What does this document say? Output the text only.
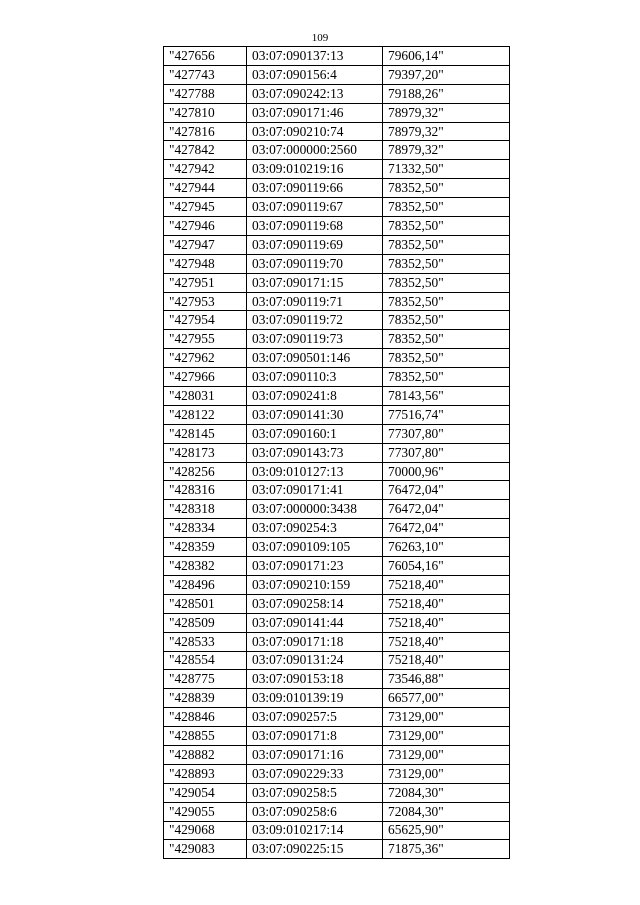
109
"427656	03:07:090137:13	79606,14"
"427743	03:07:090156:4	79397,20"
"427788	03:07:090242:13	79188,26"
"427810	03:07:090171:46	78979,32"
"427816	03:07:090210:74	78979,32"
"427842	03:07:000000:2560	78979,32"
"427942	03:09:010219:16	71332,50"
"427944	03:07:090119:66	78352,50"
"427945	03:07:090119:67	78352,50"
"427946	03:07:090119:68	78352,50"
"427947	03:07:090119:69	78352,50"
"427948	03:07:090119:70	78352,50"
"427951	03:07:090171:15	78352,50"
"427953	03:07:090119:71	78352,50"
"427954	03:07:090119:72	78352,50"
"427955	03:07:090119:73	78352,50"
"427962	03:07:090501:146	78352,50"
"427966	03:07:090110:3	78352,50"
"428031	03:07:090241:8	78143,56"
"428122	03:07:090141:30	77516,74"
"428145	03:07:090160:1	77307,80"
"428173	03:07:090143:73	77307,80"
"428256	03:09:010127:13	70000,96"
"428316	03:07:090171:41	76472,04"
"428318	03:07:000000:3438	76472,04"
"428334	03:07:090254:3	76472,04"
"428359	03:07:090109:105	76263,10"
"428382	03:07:090171:23	76054,16"
"428496	03:07:090210:159	75218,40"
"428501	03:07:090258:14	75218,40"
"428509	03:07:090141:44	75218,40"
"428533	03:07:090171:18	75218,40"
"428554	03:07:090131:24	75218,40"
"428775	03:07:090153:18	73546,88"
"428839	03:09:010139:19	66577,00"
"428846	03:07:090257:5	73129,00"
"428855	03:07:090171:8	73129,00"
"428882	03:07:090171:16	73129,00"
"428893	03:07:090229:33	73129,00"
"429054	03:07:090258:5	72084,30"
"429055	03:07:090258:6	72084,30"
"429068	03:09:010217:14	65625,90"
"429083	03:07:090225:15	71875,36"
